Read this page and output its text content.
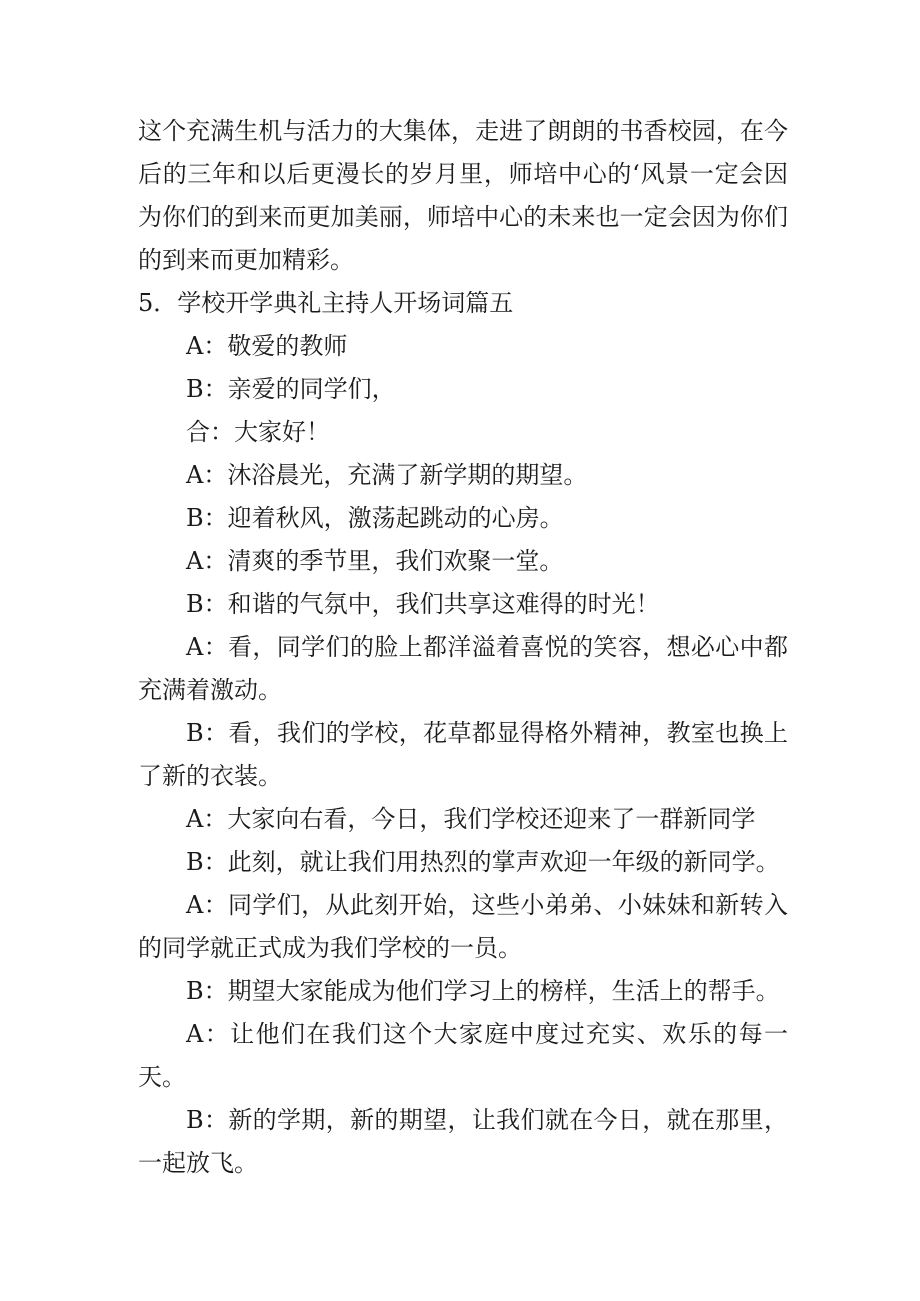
这个充满生机与活力的大集体，走进了朗朗的书香校园，在今后的三年和以后更漫长的岁月里，师培中心的‘风景一定会因为你们的到来而更加美丽，师培中心的未来也一定会因为你们的到来而更加精彩。

5．学校开学典礼主持人开场词篇五

A：敬爱的教师

B：亲爱的同学们，

合：大家好！

A：沐浴晨光，充满了新学期的期望。

B：迎着秋风，激荡起跳动的心房。

A：清爽的季节里，我们欢聚一堂。

B：和谐的气氛中，我们共享这难得的时光！

A：看，同学们的脸上都洋溢着喜悦的笑容，想必心中都充满着激动。

B：看，我们的学校，花草都显得格外精神，教室也换上了新的衣装。

A：大家向右看，今日，我们学校还迎来了一群新同学

B：此刻，就让我们用热烈的掌声欢迎一年级的新同学。

A：同学们，从此刻开始，这些小弟弟、小妹妹和新转入的同学就正式成为我们学校的一员。

B：期望大家能成为他们学习上的榜样，生活上的帮手。

A：让他们在我们这个大家庭中度过充实、欢乐的每一天。

B：新的学期，新的期望，让我们就在今日，就在那里，一起放飞。
